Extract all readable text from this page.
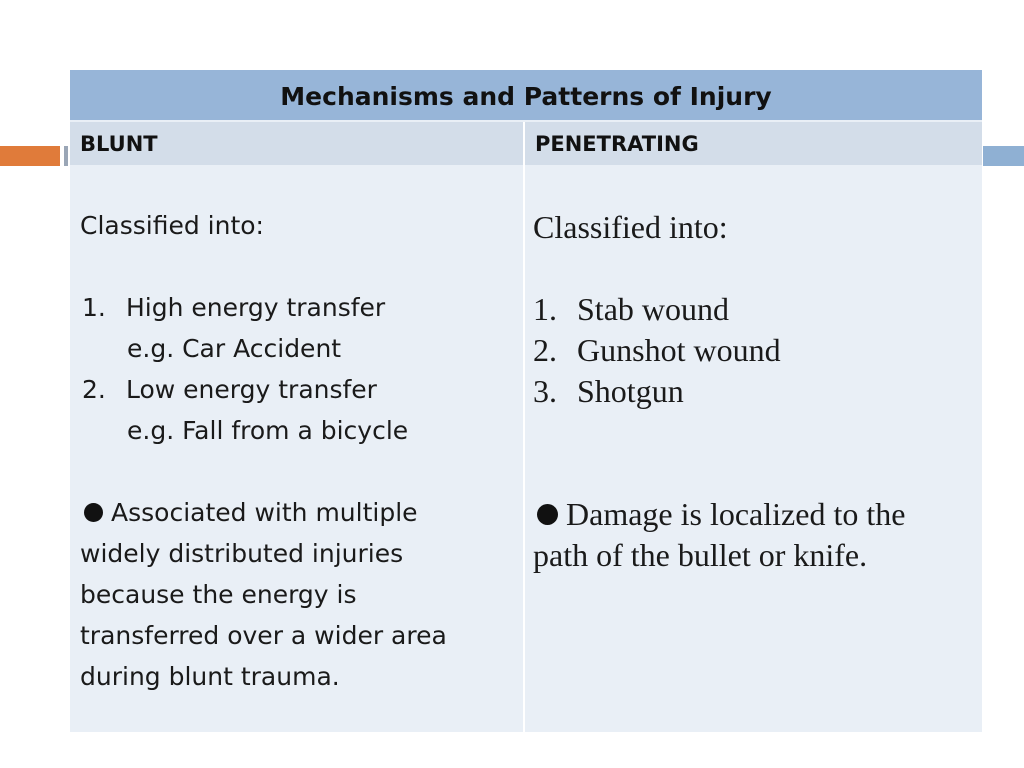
Mechanisms and Patterns of Injury
BLUNT	PENETRATING
Classified into:
1. High energy transfer
e.g. Car Accident
2. Low energy transfer
e.g. Fall from a bicycle
Associated with multiple
widely distributed injuries
because the energy is
transferred over a wider area
during blunt trauma.
Classified into:
1. Stab wound
2. Gunshot wound
3. Shotgun
Damage is localized to the
path of the bullet or knife.
